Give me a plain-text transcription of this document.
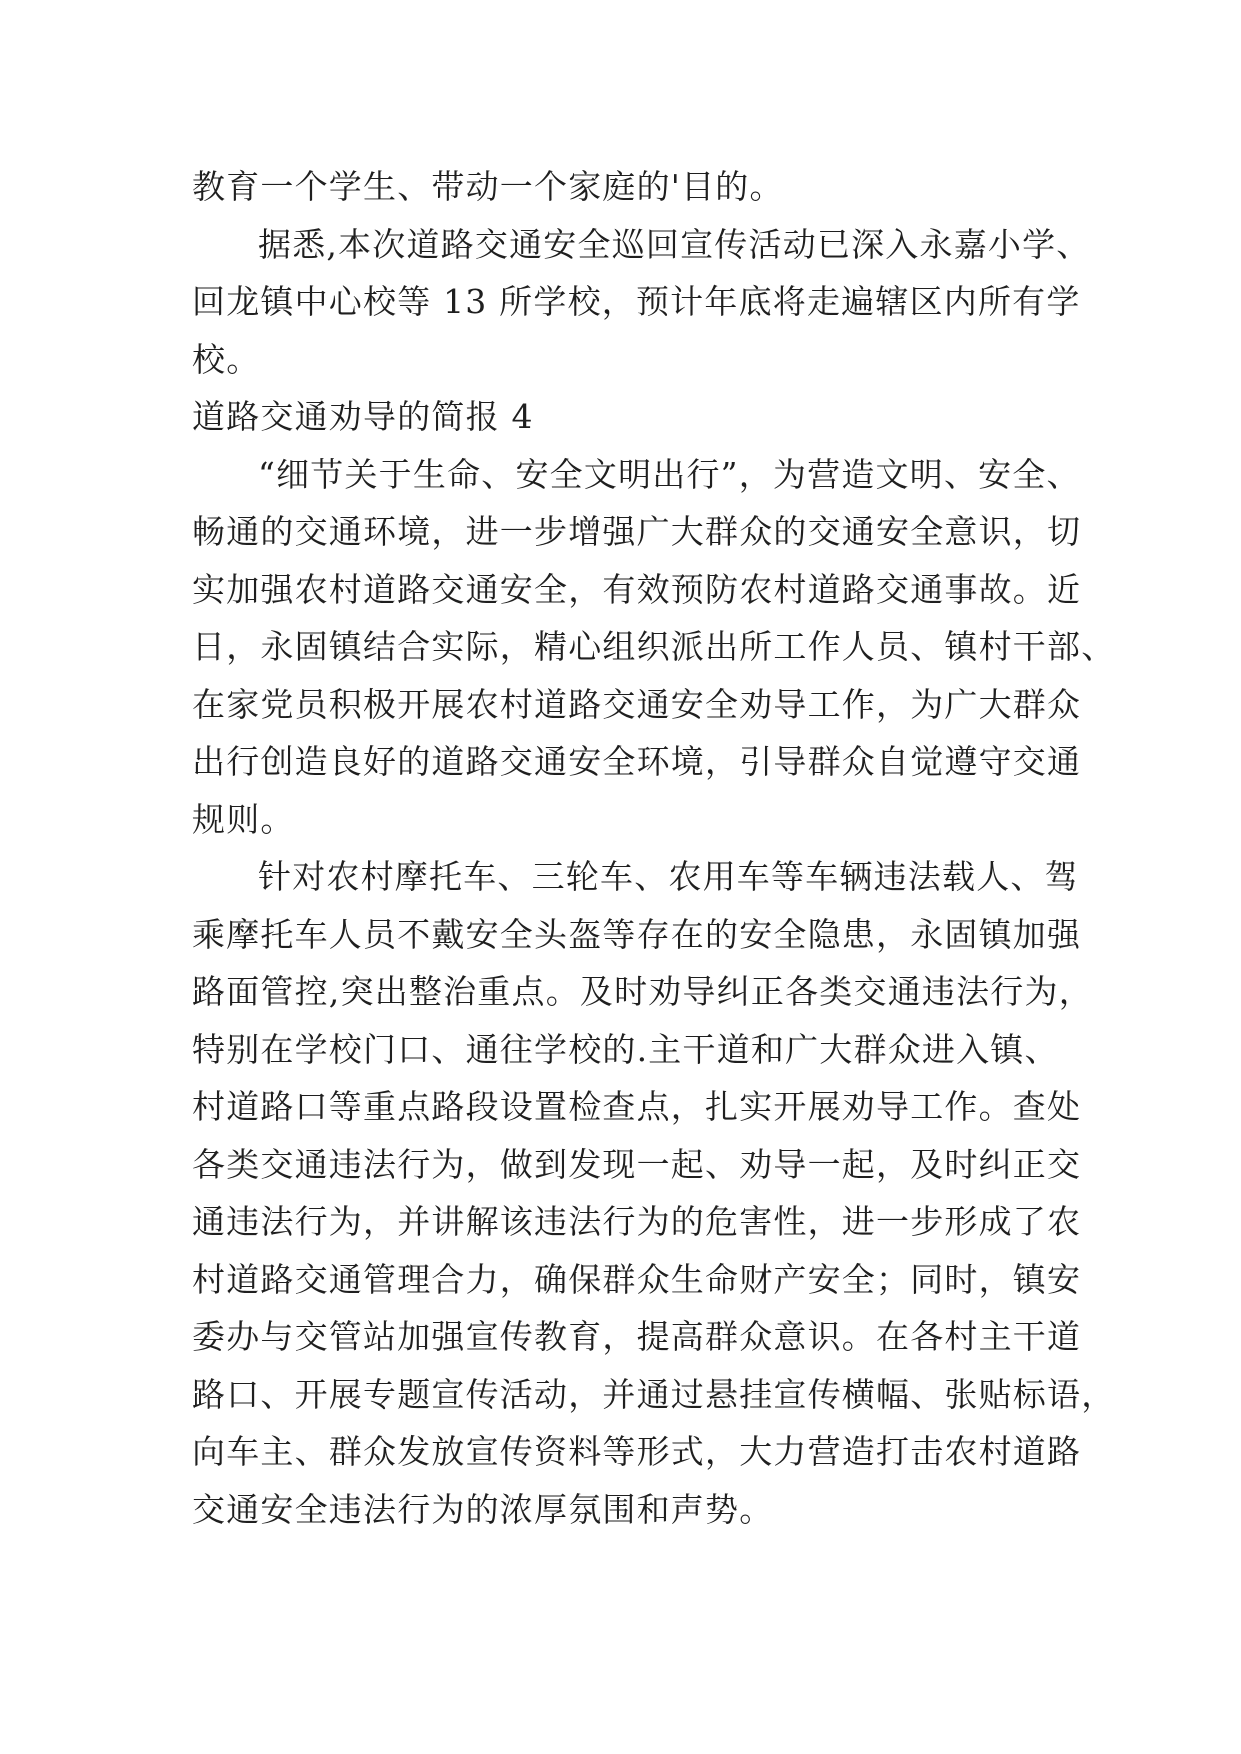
教育一个学生、带动一个家庭的'目的。
据悉,本次道路交通安全巡回宣传活动已深入永嘉小学、
回龙镇中心校等 13 所学校，预计年底将走遍辖区内所有学
校。
道路交通劝导的简报 4
“细节关于生命、安全文明出行”，为营造文明、安全、
畅通的交通环境，进一步增强广大群众的交通安全意识，切
实加强农村道路交通安全，有效预防农村道路交通事故。近
日，永固镇结合实际，精心组织派出所工作人员、镇村干部、
在家党员积极开展农村道路交通安全劝导工作，为广大群众
出行创造良好的道路交通安全环境，引导群众自觉遵守交通
规则。
针对农村摩托车、三轮车、农用车等车辆违法载人、驾
乘摩托车人员不戴安全头盔等存在的安全隐患，永固镇加强
路面管控,突出整治重点。及时劝导纠正各类交通违法行为，
特别在学校门口、通往学校的.主干道和广大群众进入镇、
村道路口等重点路段设置检查点，扎实开展劝导工作。查处
各类交通违法行为，做到发现一起、劝导一起，及时纠正交
通违法行为，并讲解该违法行为的危害性，进一步形成了农
村道路交通管理合力，确保群众生命财产安全；同时，镇安
委办与交管站加强宣传教育，提高群众意识。在各村主干道
路口、开展专题宣传活动，并通过悬挂宣传横幅、张贴标语，
向车主、群众发放宣传资料等形式，大力营造打击农村道路
交通安全违法行为的浓厚氛围和声势。
